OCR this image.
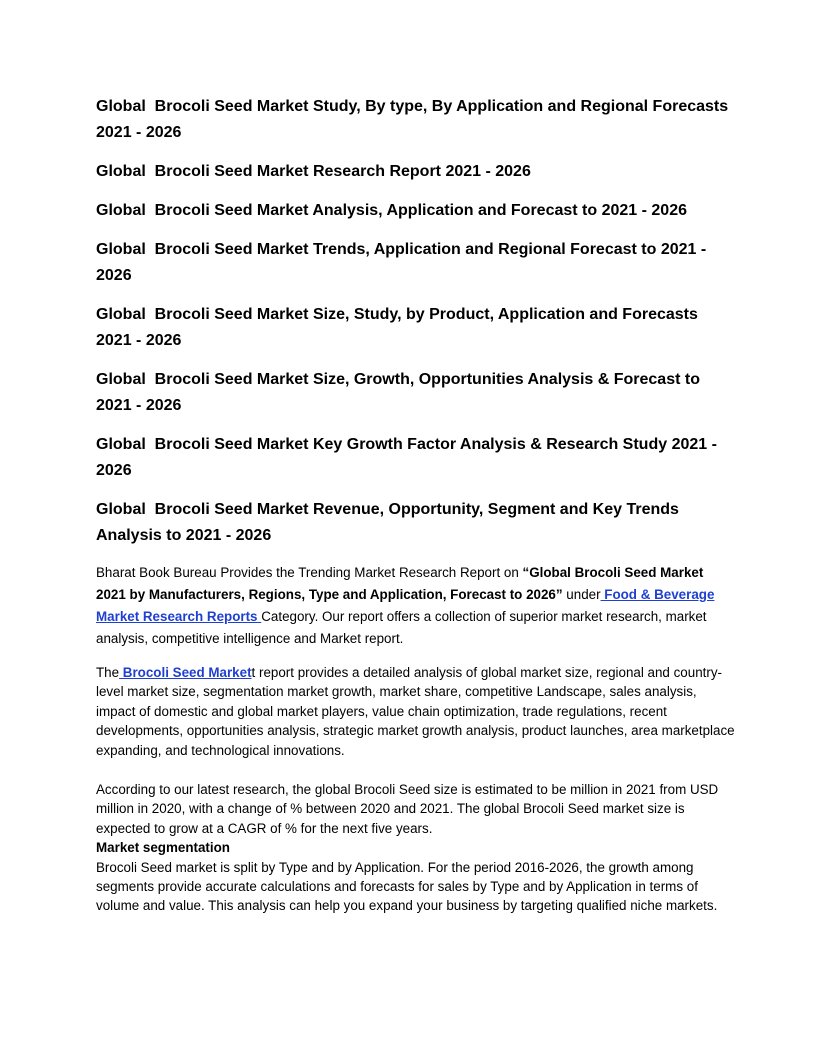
Global  Brocoli Seed Market Study, By type, By Application and Regional Forecasts 2021 - 2026
Global  Brocoli Seed Market Research Report 2021 - 2026
Global  Brocoli Seed Market Analysis, Application and Forecast to 2021 - 2026
Global  Brocoli Seed Market Trends, Application and Regional Forecast to 2021 - 2026
Global  Brocoli Seed Market Size, Study, by Product, Application and Forecasts 2021 - 2026
Global  Brocoli Seed Market Size, Growth, Opportunities Analysis & Forecast to 2021 - 2026
Global  Brocoli Seed Market Key Growth Factor Analysis & Research Study 2021 - 2026
Global  Brocoli Seed Market Revenue, Opportunity, Segment and Key Trends Analysis to 2021 - 2026

Bharat Book Bureau Provides the Trending Market Research Report on “Global Brocoli Seed Market 2021 by Manufacturers, Regions, Type and Application, Forecast to 2026” under Food & Beverage Market Research Reports Category. Our report offers a collection of superior market research, market analysis, competitive intelligence and Market report.

The Brocoli Seed Markett report provides a detailed analysis of global market size, regional and country-level market size, segmentation market growth, market share, competitive Landscape, sales analysis, impact of domestic and global market players, value chain optimization, trade regulations, recent developments, opportunities analysis, strategic market growth analysis, product launches, area marketplace expanding, and technological innovations.

According to our latest research, the global Brocoli Seed size is estimated to be million in 2021 from USD million in 2020, with a change of % between 2020 and 2021. The global Brocoli Seed market size is expected to grow at a CAGR of % for the next five years.

Market segmentation

Brocoli Seed market is split by Type and by Application. For the period 2016-2026, the growth among segments provide accurate calculations and forecasts for sales by Type and by Application in terms of volume and value. This analysis can help you expand your business by targeting qualified niche markets.
